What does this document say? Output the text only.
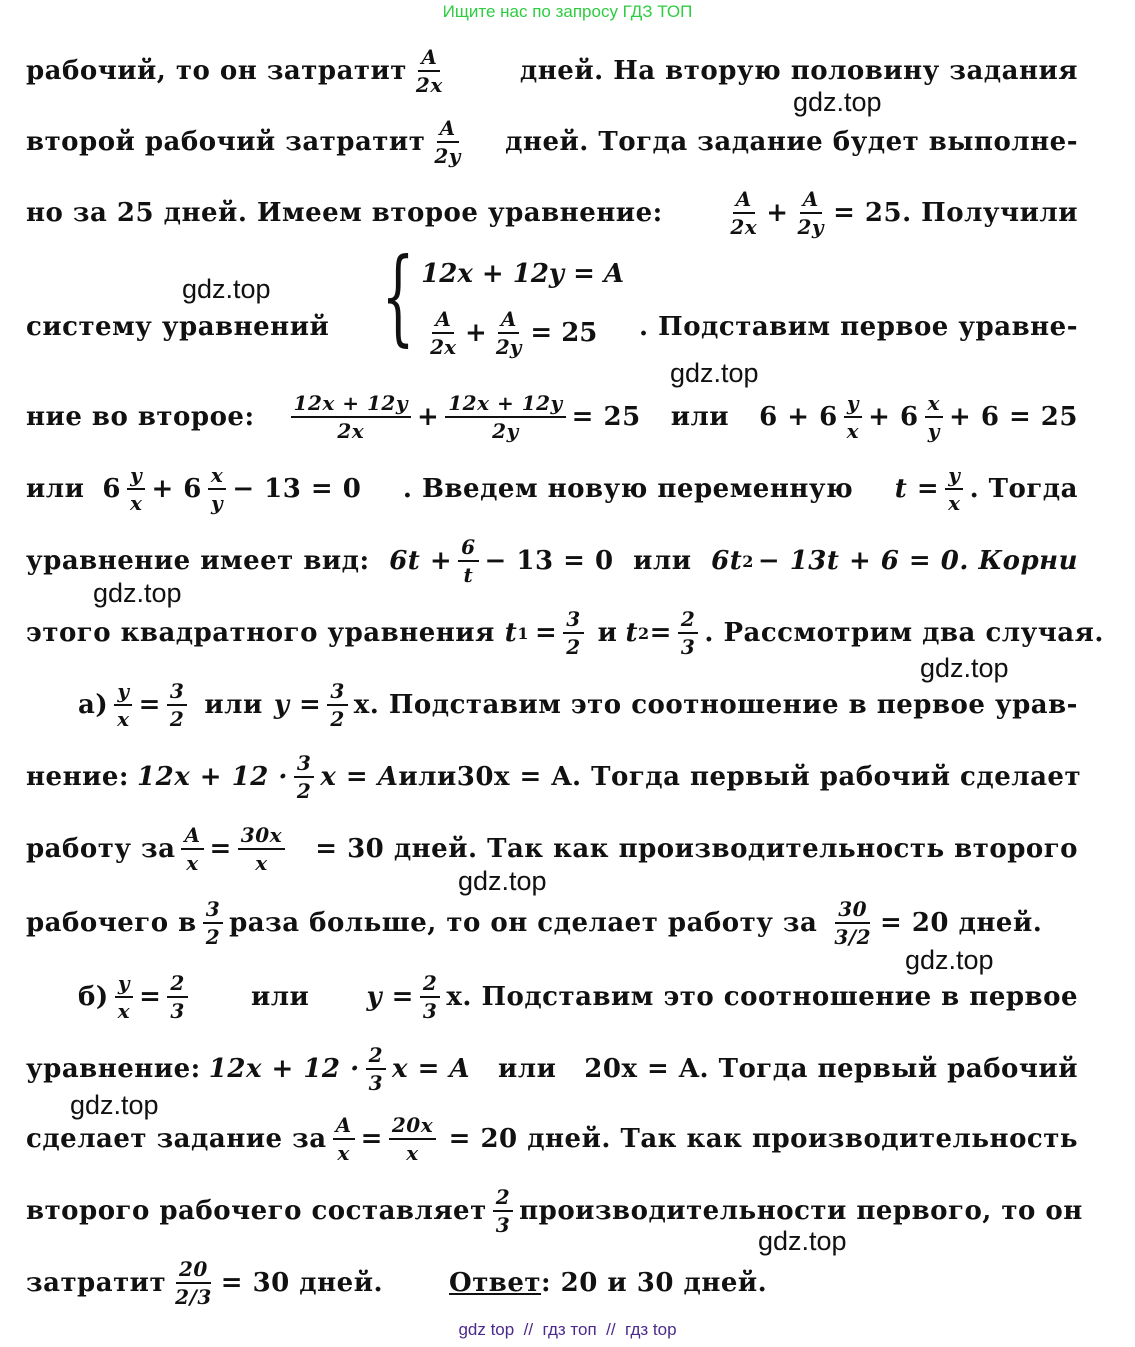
Ищите нас по запросу ГДЗ ТОП
gdz.top
gdz.top
gdz.top
gdz.top
gdz.top
gdz.top
gdz.top
gdz.top
gdz.top
рабочий, то он затратит $\frac{A}{2x}$	дней. На вторую половину задания
второй рабочий затратит $\frac{A}{2y}$ дней. Тогда задание будет выполне-
но за 25 дней. Имеем второе уравнение:	$\frac{A}{2x} + \frac{A}{2y} = 25$. Получили
систему уравнений { 12x + 12y = A
$\frac{A}{2x} + \frac{A}{2y} = 25$ . Подставим первое уравне-
ние во второе: $\frac{12x + 12y}{2x} + \frac{12x + 12y}{2y} = 25$ или $6 + 6 \frac{y}{x} + 6 \frac{x}{y} + 6 = 25$
или $6 \frac{y}{x} + 6 \frac{x}{y} - 13 = 0$ . Введем новую переменную $t = \frac{y}{x}$ . Тогда
уравнение имеет вид: $6t + \frac{6}{t} - 13 = 0$ или 6t 2 − 13t + 6 = 0. Корни
этого квадратного уравнения t $1 = \frac{3}{2}$ и t $2 = \frac{2}{3}$ . Рассмотрим два случая.
$а) \frac{y}{x} = \frac{3}{2}$ или $y = \frac{3}{2} x$. Подставим это соотношение в первое урав-
нение: $12x + 12 \cdot \frac{3}{2}$ x = A или 30x = A. Тогда первый рабочий сделает
работу за $\frac{A}{x} = \frac{30x}{x} = 30$ дней. Так как производительность второго
рабочего в $\frac{3}{2}$ раза больше, то он сделает работу за $\frac{30}{3/2} = 20$ дней.
$б) \frac{y}{x} = \frac{2}{3}$ или $y = \frac{2}{3} x$. Подставим это соотношение в первое
уравнение: $12x + 12 \cdot \frac{2}{3}$ x = A или 20x = A. Тогда первый рабочий
сделает задание за $\frac{A}{x} = \frac{20x}{x} = 20$ дней. Так как производительность
второго рабочего составляет $\frac{2}{3}$ производительности первого, то он
затратит $\frac{20}{2/3} = 30$ дней.	Ответ : 20 и 30 дней.
gdz top  //  гдз топ  //  гдз top
